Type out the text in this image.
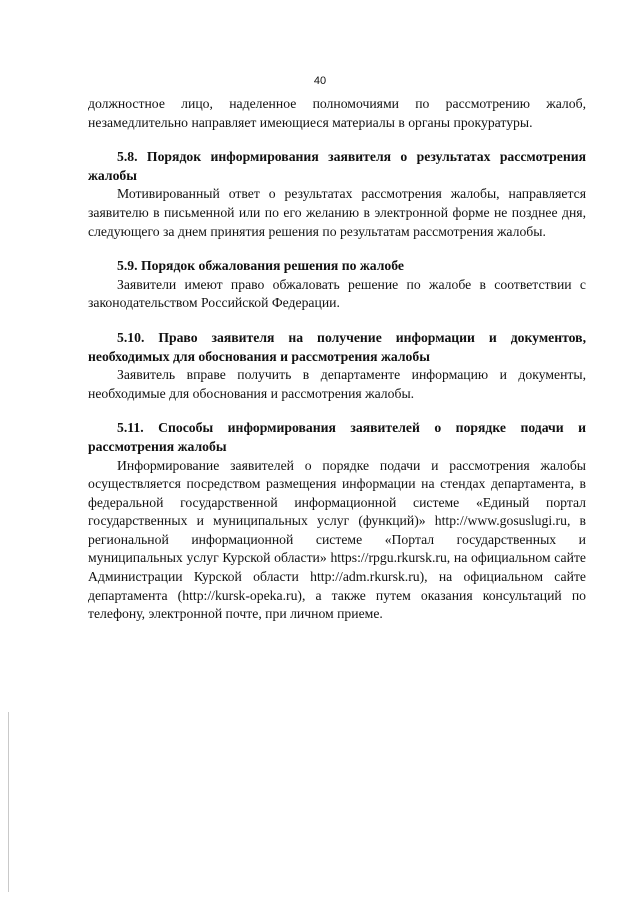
40

должностное лицо, наделенное полномочиями по рассмотрению жалоб, незамедлительно направляет имеющиеся материалы в органы прокуратуры.

5.8. Порядок информирования заявителя о результатах рассмотрения жалобы

Мотивированный ответ о результатах рассмотрения жалобы, направляется заявителю в письменной или по его желанию в электронной форме не позднее дня, следующего за днем принятия решения по результатам рассмотрения жалобы.

5.9. Порядок обжалования решения по жалобе

Заявители имеют право обжаловать решение по жалобе в соответствии с законодательством Российской Федерации.

5.10. Право заявителя на получение информации и документов, необходимых для обоснования и рассмотрения жалобы

Заявитель вправе получить в департаменте информацию и документы, необходимые для обоснования и рассмотрения жалобы.

5.11. Способы информирования заявителей о порядке подачи и рассмотрения жалобы

Информирование заявителей о порядке подачи и рассмотрения жалобы осуществляется посредством размещения информации на стендах департамента, в федеральной государственной информационной системе «Единый портал государственных и муниципальных услуг (функций)» http://www.gosuslugi.ru, в региональной информационной системе «Портал государственных и муниципальных услуг Курской области» https://rpgu.rkursk.ru, на официальном сайте Администрации Курской области http://adm.rkursk.ru), на официальном сайте департамента (http://kursk-opeka.ru), а также путем оказания консультаций по телефону, электронной почте, при личном приеме.
